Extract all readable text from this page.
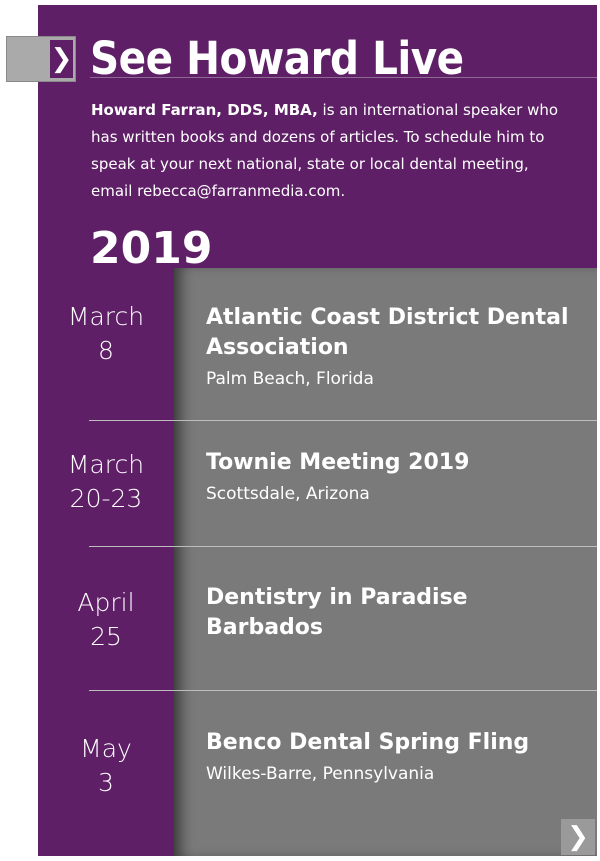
❯ See Howard Live
Howard Farran, DDS, MBA, is an international speaker who has written books and dozens of articles. To schedule him to speak at your next national, state or local dental meeting, email rebecca@farranmedia.com.
2019
March
8
Atlantic Coast District Dental Association
Palm Beach, Florida
March
20-23
Townie Meeting 2019
Scottsdale, Arizona
April
25
Dentistry in Paradise Barbados
May
3
Benco Dental Spring Fling
Wilkes-Barre, Pennsylvania
❯
